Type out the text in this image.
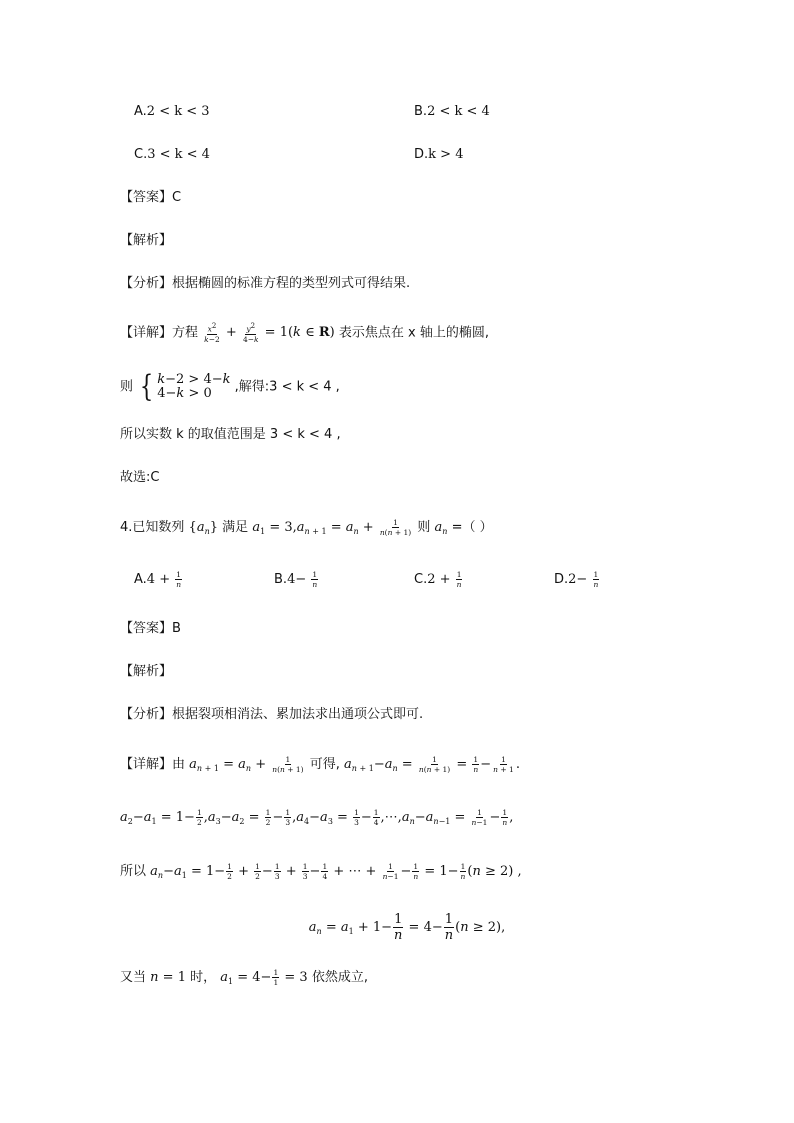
A.2 < k < 3	B.2 < k < 4
C.3 < k < 4	D.k > 4
【答案】C
【解析】
【分析】根据椭圆的标准方程的类型列式可得结果.
【详解】方程 $\frac{x^2}{k-2} + \frac{y^2}{4-k} = 1(k$ ∈ R) 表示焦点在 x 轴上的椭圆,
则 { k−2 > 4−k
4−k > 0	,解得:3 < k < 4 ,
所以实数 k 的取值范围是 3 < k < 4 ,
故选:C
4.已知数列 $\{a_n\}$ 满足 $a_1 = 3,a_{n + 1} = a_n + \frac{1}{n(n + 1)}$ 则 $a_n$ =（ ）
$A.4 + \frac{1}{n}$	$B.4- \frac{1}{n}$	$C.2 + \frac{1}{n}$	$D.2- \frac{1}{n}$
【答案】B
【解析】
【分析】根据裂项相消法、累加法求出通项公式即可.
【详解】由 $a_{n + 1} = a_n + \frac{1}{n(n + 1)}$ 可得, $a_{n + 1}-a_n = \frac{1}{n(n + 1)} = \frac{1}{n} - \frac{1}{n + 1}$ .
$a_2-a_1 = 1- \frac{1}{2} ,a_3-a_2 = \frac{1}{2} - \frac{1}{3} ,a_4-a_3 = \frac{1}{3} - \frac{1}{4}$ $,\cdots,a_n-a_{n-1} = \frac{1}{n-1} - \frac{1}{n}$ ,
所以 $a_n-a_1 = 1- \frac{1}{2} + \frac{1}{2} - \frac{1}{3} + \frac{1}{3} - \frac{1}{4}$ + ⋯ + $\frac{1}{n-1} - \frac{1}{n} = 1- \frac{1}{n} (n \ge 2)$ ,
$a_n = a_1 + 1- \frac{1}{n} = 4- \frac{1}{n} (n \ge 2)$,
又当 n = 1 时， $a_1 = 4- \frac{1}{1} = 3$ 依然成立,
